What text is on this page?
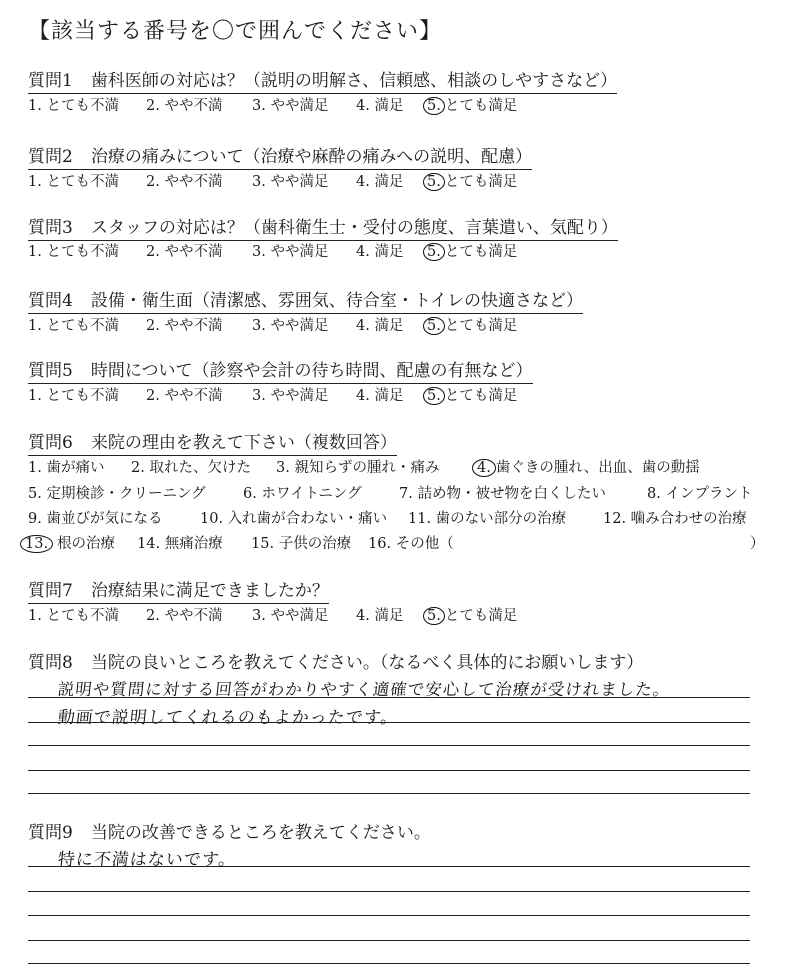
【該当する番号を〇で囲んでください】
質問1 歯科医師の対応は？（説明の明解さ、信頼感、相談のしやすさなど）
1. とても不満 2. やや不満 3. やや満足 4. 満足 5. とても満足
質問2 治療の痛みについて（治療や麻酔の痛みへの説明、配慮）
1. とても不満 2. やや不満 3. やや満足 4. 満足 5. とても満足
質問3 スタッフの対応は？（歯科衛生士・受付の態度、言葉遣い、気配り）
1. とても不満 2. やや不満 3. やや満足 4. 満足 5. とても満足
質問4 設備・衛生面（清潔感、雰囲気、待合室・トイレの快適さなど）
1. とても不満 2. やや不満 3. やや満足 4. 満足 5. とても満足
質問5 時間について（診察や会計の待ち時間、配慮の有無など）
1. とても不満 2. やや不満 3. やや満足 4. 満足 5. とても満足
質問6 来院の理由を教えて下さい（複数回答）
1. 歯が痛い 2. 取れた、欠けた 3. 親知らずの腫れ・痛み	4. 歯ぐきの腫れ、出血、歯の動揺
5. 定期検診・クリーニング	6. ホワイトニング	7. 詰め物・被せ物を白くしたい	8. インプラント
9. 歯並びが気になる	10. 入れ歯が合わない・痛い 11. 歯のない部分の治療	12. 噛み合わせの治療
13. 根の治療 14. 無痛治療 15. 子供の治療 16. その他（	）
質問7 治療結果に満足できましたか？
1. とても不満 2. やや不満 3. やや満足 4. 満足 5. とても満足
質問8 当院の良いところを教えてください。（なるべく具体的にお願いします）
説明や質問に対する回答がわかりやすく適確で安心して治療が受けれました。
動画で説明してくれるのもよかったです。
質問9 当院の改善できるところを教えてください。
特に不満はないです。
